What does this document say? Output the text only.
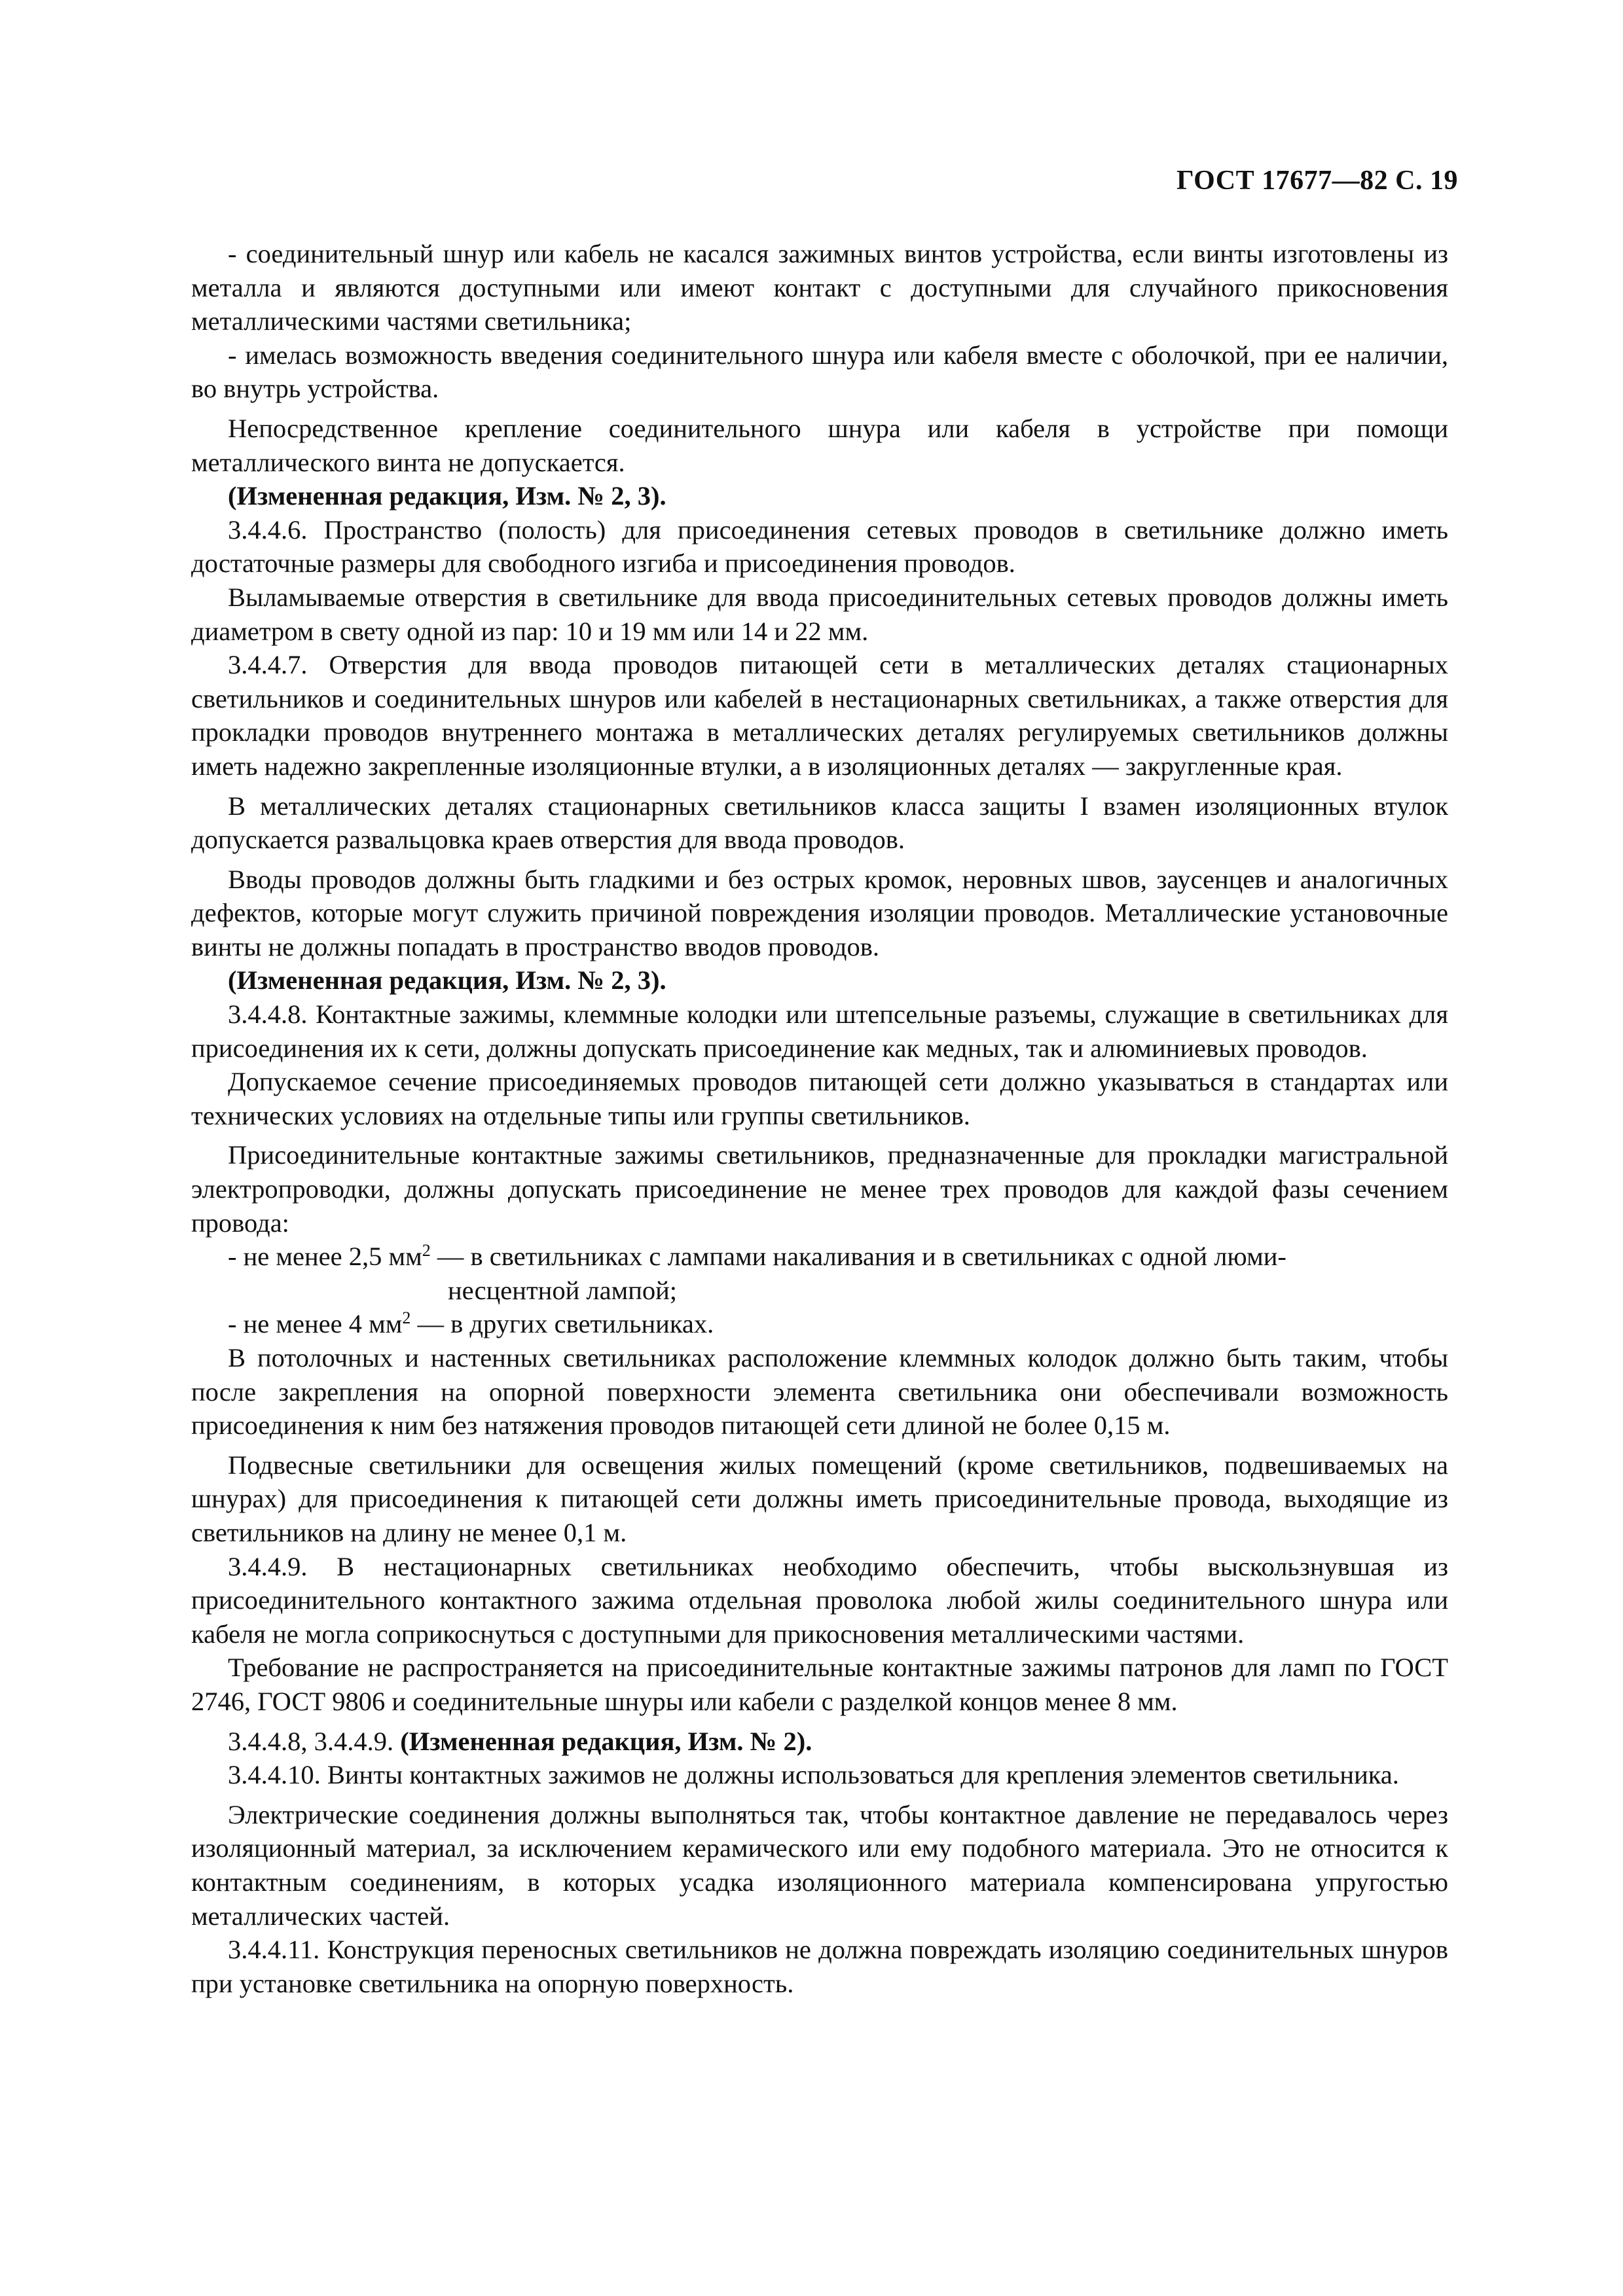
ГОСТ 17677—82 С. 19

- соединительный шнур или кабель не касался зажимных винтов устройства, если винты изготовлены из металла и являются доступными или имеют контакт с доступными для случайного прикосновения металлическими частями светильника;

- имелась возможность введения соединительного шнура или кабеля вместе с оболочкой, при ее наличии, во внутрь устройства.

Непосредственное крепление соединительного шнура или кабеля в устройстве при помощи металлического винта не допускается.

(Измененная редакция, Изм. № 2, 3).

3.4.4.6. Пространство (полость) для присоединения сетевых проводов в светильнике должно иметь достаточные размеры для свободного изгиба и присоединения проводов.

Выламываемые отверстия в светильнике для ввода присоединительных сетевых проводов должны иметь диаметром в свету одной из пар: 10 и 19 мм или 14 и 22 мм.

3.4.4.7. Отверстия для ввода проводов питающей сети в металлических деталях стационарных светильников и соединительных шнуров или кабелей в нестационарных светильниках, а также отверстия для прокладки проводов внутреннего монтажа в металлических деталях регулируемых светильников должны иметь надежно закрепленные изоляционные втулки, а в изоляционных деталях — закругленные края.

В металлических деталях стационарных светильников класса защиты I взамен изоляционных втулок допускается развальцовка краев отверстия для ввода проводов.

Вводы проводов должны быть гладкими и без острых кромок, неровных швов, заусенцев и аналогичных дефектов, которые могут служить причиной повреждения изоляции проводов. Металлические установочные винты не должны попадать в пространство вводов проводов.

(Измененная редакция, Изм. № 2, 3).

3.4.4.8. Контактные зажимы, клеммные колодки или штепсельные разъемы, служащие в светильниках для присоединения их к сети, должны допускать присоединение как медных, так и алюминиевых проводов.

Допускаемое сечение присоединяемых проводов питающей сети должно указываться в стандартах или технических условиях на отдельные типы или группы светильников.

Присоединительные контактные зажимы светильников, предназначенные для прокладки магистральной электропроводки, должны допускать присоединение не менее трех проводов для каждой фазы сечением провода:

- не менее 2,5 $мм^2$ — в светильниках с лампами накаливания и в светильниках с одной люми-
несцентной лампой;

- не менее 4 $мм^2$ — в других светильниках.

В потолочных и настенных светильниках расположение клеммных колодок должно быть таким, чтобы после закрепления на опорной поверхности элемента светильника они обеспечивали возможность присоединения к ним без натяжения проводов питающей сети длиной не более 0,15 м.

Подвесные светильники для освещения жилых помещений (кроме светильников, подвешиваемых на шнурах) для присоединения к питающей сети должны иметь присоединительные провода, выходящие из светильников на длину не менее 0,1 м.

3.4.4.9. В нестационарных светильниках необходимо обеспечить, чтобы выскользнувшая из присоединительного контактного зажима отдельная проволока любой жилы соединительного шнура или кабеля не могла соприкоснуться с доступными для прикосновения металлическими частями.

Требование не распространяется на присоединительные контактные зажимы патронов для ламп по ГОСТ 2746, ГОСТ 9806 и соединительные шнуры или кабели с разделкой концов менее 8 мм.

3.4.4.8, 3.4.4.9. (Измененная редакция, Изм. № 2).

3.4.4.10. Винты контактных зажимов не должны использоваться для крепления элементов светильника.

Электрические соединения должны выполняться так, чтобы контактное давление не передавалось через изоляционный материал, за исключением керамического или ему подобного материала. Это не относится к контактным соединениям, в которых усадка изоляционного материала компенсирована упругостью металлических частей.

3.4.4.11. Конструкция переносных светильников не должна повреждать изоляцию соединительных шнуров при установке светильника на опорную поверхность.
